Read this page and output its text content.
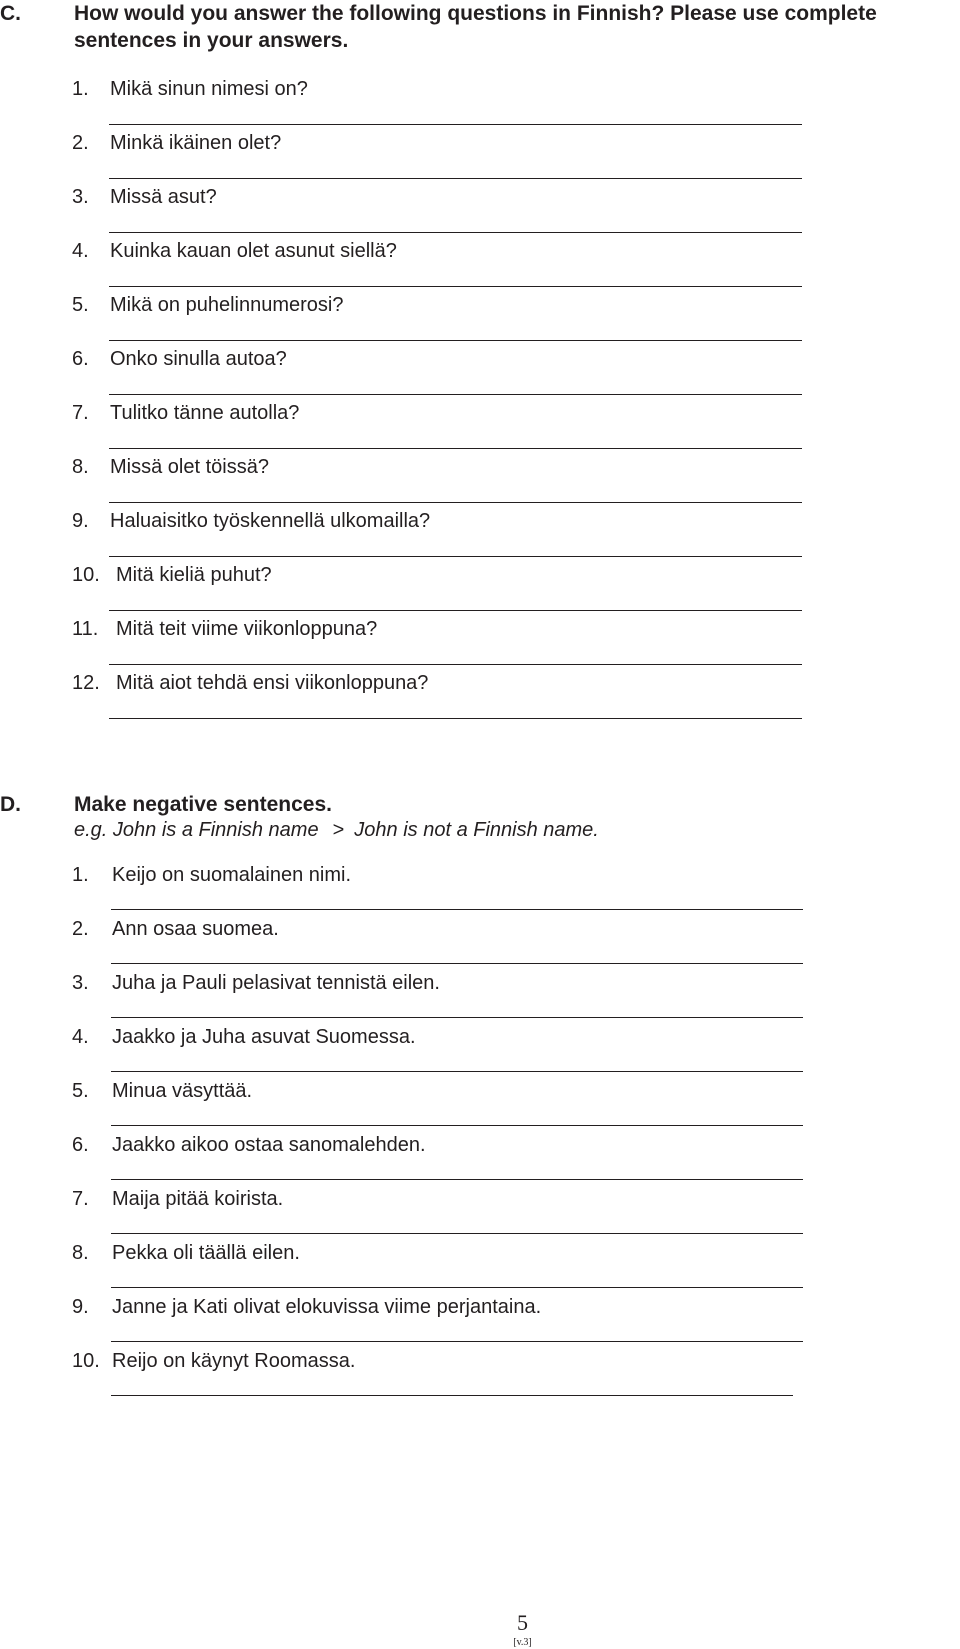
C.	How would you answer the following questions in Finnish? Please use complete sentences in your answers.
1. Mikä sinun nimesi on?
2. Minkä ikäinen olet?
3. Missä asut?
4. Kuinka kauan olet asunut siellä?
5. Mikä on puhelinnumerosi?
6. Onko sinulla autoa?
7. Tulitko tänne autolla?
8. Missä olet töissä?
9. Haluaisitko työskennellä ulkomailla?
10. Mitä kieliä puhut?
11. Mitä teit viime viikonloppuna?
12. Mitä aiot tehdä ensi viikonloppuna?
D.	Make negative sentences.
e.g. John is a Finnish name > John is not a Finnish name.
1. Keijo on suomalainen nimi.
2. Ann osaa suomea.
3. Juha ja Pauli pelasivat tennistä eilen.
4. Jaakko ja Juha asuvat Suomessa.
5. Minua väsyttää.
6. Jaakko aikoo ostaa sanomalehden.
7. Maija pitää koirista.
8. Pekka oli täällä eilen.
9. Janne ja Kati olivat elokuvissa viime perjantaina.
10. Reijo on käynyt Roomassa.
5
[v.3]
